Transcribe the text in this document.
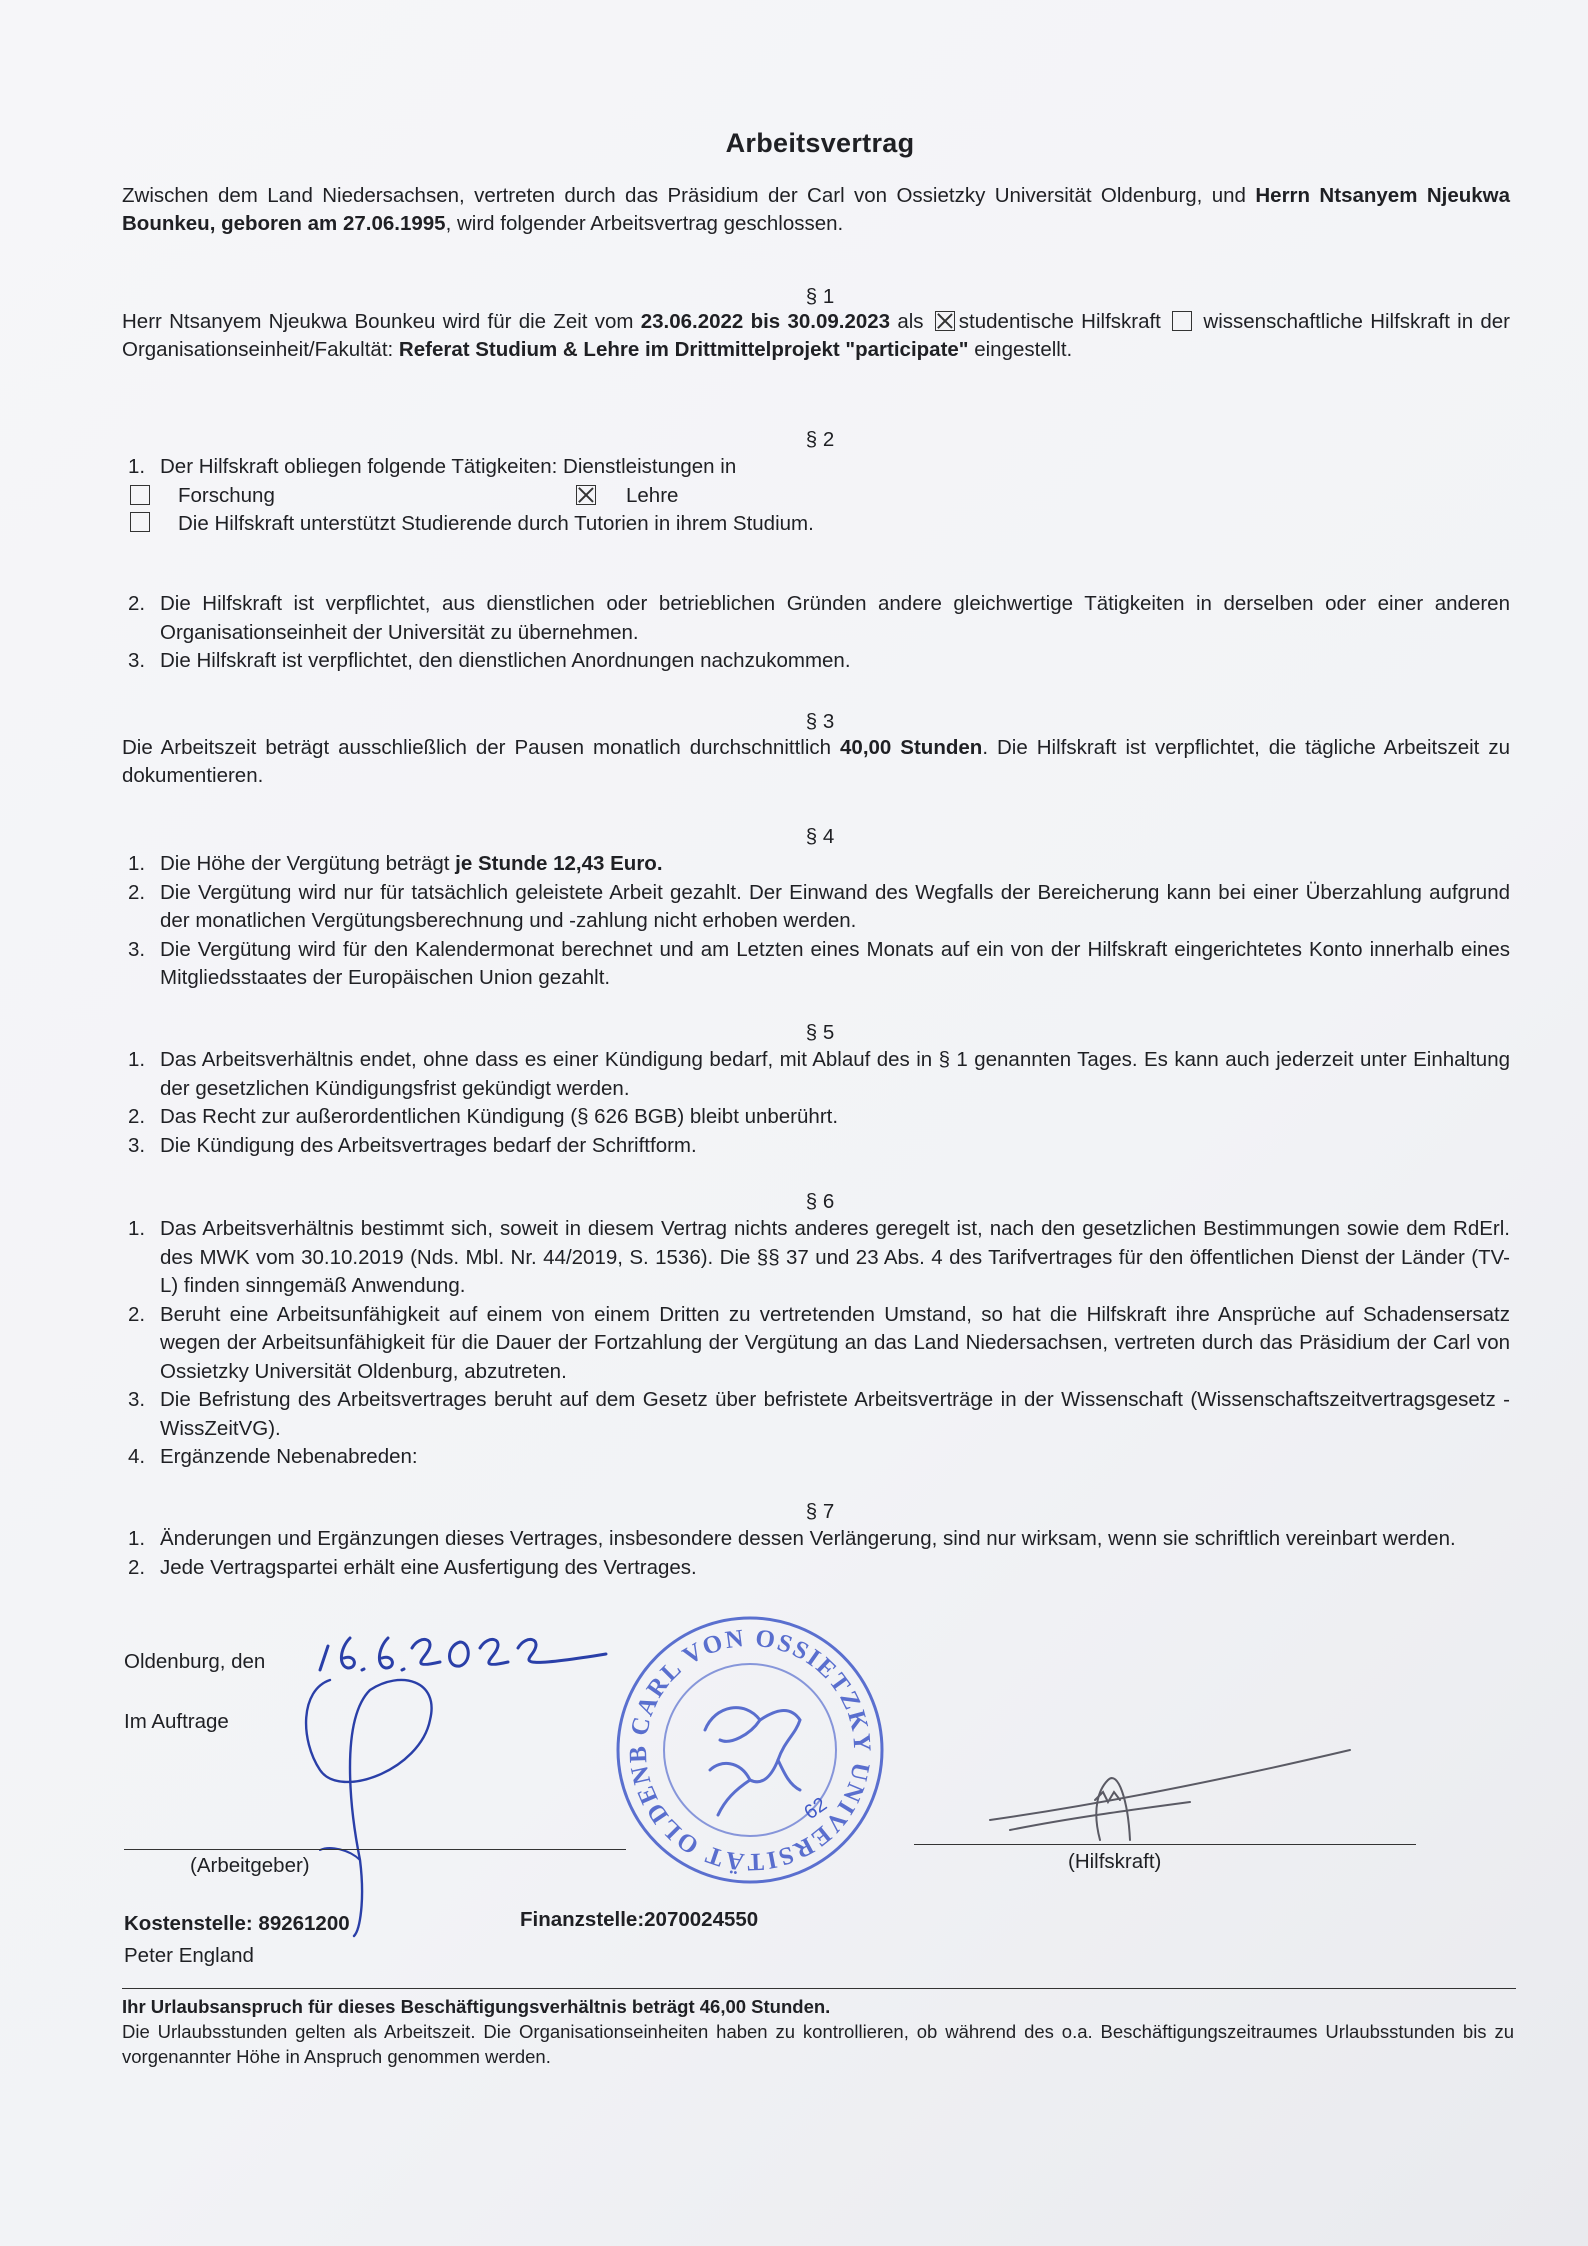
Arbeitsvertrag
Zwischen dem Land Niedersachsen, vertreten durch das Präsidium der Carl von Ossietzky Universität Oldenburg, und Herrn Ntsanyem Njeukwa Bounkeu, geboren am 27.06.1995, wird folgender Arbeitsvertrag geschlossen.
§ 1
Herr Ntsanyem Njeukwa Bounkeu wird für die Zeit vom 23.06.2022 bis 30.09.2023 als studentische Hilfskraft wissenschaftliche Hilfskraft in der Organisationseinheit/Fakultät: Referat Studium & Lehre im Drittmittelprojekt "participate" eingestellt.
§ 2
1. Der Hilfskraft obliegen folgende Tätigkeiten: Dienstleistungen in
Forschung	Lehre
Die Hilfskraft unterstützt Studierende durch Tutorien in ihrem Studium.
2. Die Hilfskraft ist verpflichtet, aus dienstlichen oder betrieblichen Gründen andere gleichwertige Tätigkeiten in derselben oder einer anderen Organisationseinheit der Universität zu übernehmen.
3. Die Hilfskraft ist verpflichtet, den dienstlichen Anordnungen nachzukommen.
§ 3
Die Arbeitszeit beträgt ausschließlich der Pausen monatlich durchschnittlich 40,00 Stunden. Die Hilfskraft ist verpflichtet, die tägliche Arbeitszeit zu dokumentieren.
§ 4
1. Die Höhe der Vergütung beträgt je Stunde 12,43 Euro.
2. Die Vergütung wird nur für tatsächlich geleistete Arbeit gezahlt. Der Einwand des Wegfalls der Bereicherung kann bei einer Überzahlung aufgrund der monatlichen Vergütungsberechnung und -zahlung nicht erhoben werden.
3. Die Vergütung wird für den Kalendermonat berechnet und am Letzten eines Monats auf ein von der Hilfskraft eingerichtetes Konto innerhalb eines Mitgliedsstaates der Europäischen Union gezahlt.
§ 5
1. Das Arbeitsverhältnis endet, ohne dass es einer Kündigung bedarf, mit Ablauf des in § 1 genannten Tages. Es kann auch jederzeit unter Einhaltung der gesetzlichen Kündigungsfrist gekündigt werden.
2. Das Recht zur außerordentlichen Kündigung (§ 626 BGB) bleibt unberührt.
3. Die Kündigung des Arbeitsvertrages bedarf der Schriftform.
§ 6
1. Das Arbeitsverhältnis bestimmt sich, soweit in diesem Vertrag nichts anderes geregelt ist, nach den gesetzlichen Bestimmungen sowie dem RdErl. des MWK vom 30.10.2019 (Nds. Mbl. Nr. 44/2019, S. 1536). Die §§ 37 und 23 Abs. 4 des Tarifvertrages für den öffentlichen Dienst der Länder (TV-L) finden sinngemäß Anwendung.
2. Beruht eine Arbeitsunfähigkeit auf einem von einem Dritten zu vertretenden Umstand, so hat die Hilfskraft ihre Ansprüche auf Schadensersatz wegen der Arbeitsunfähigkeit für die Dauer der Fortzahlung der Vergütung an das Land Niedersachsen, vertreten durch das Präsidium der Carl von Ossietzky Universität Oldenburg, abzutreten.
3. Die Befristung des Arbeitsvertrages beruht auf dem Gesetz über befristete Arbeitsverträge in der Wissenschaft (Wissenschaftszeitvertragsgesetz - WissZeitVG).
4. Ergänzende Nebenabreden:
§ 7
1. Änderungen und Ergänzungen dieses Vertrages, insbesondere dessen Verlängerung, sind nur wirksam, wenn sie schriftlich vereinbart werden.
2. Jede Vertragspartei erhält eine Ausfertigung des Vertrages.
Oldenburg, den
Im Auftrage	CARL VON OSSIETZKY UNIVERSITÄT OLDENBURG
62
(Arbeitgeber)	(Hilfskraft)
Kostenstelle: 89261200	Finanzstelle:2070024550
Peter England
Ihr Urlaubsanspruch für dieses Beschäftigungsverhältnis beträgt 46,00 Stunden.
Die Urlaubsstunden gelten als Arbeitszeit. Die Organisationseinheiten haben zu kontrollieren, ob während des o.a. Beschäftigungszeitraumes Urlaubsstunden bis zu vorgenannter Höhe in Anspruch genommen werden.
